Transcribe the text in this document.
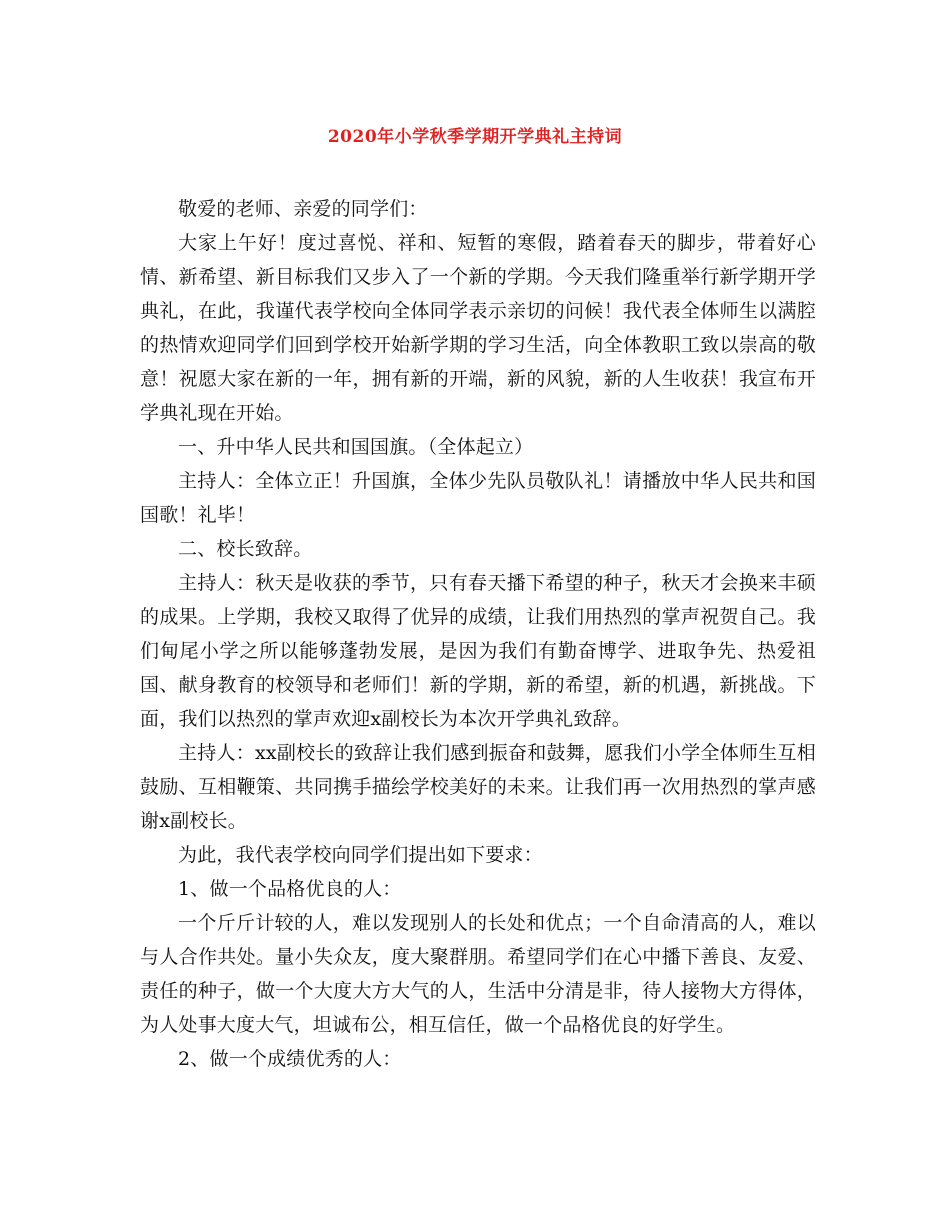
2020年小学秋季学期开学典礼主持词

敬爱的老师、亲爱的同学们：

大家上午好！度过喜悦、祥和、短暂的寒假，踏着春天的脚步，带着好心情、新希望、新目标我们又步入了一个新的学期。今天我们隆重举行新学期开学典礼，在此，我谨代表学校向全体同学表示亲切的问候！我代表全体师生以满腔的热情欢迎同学们回到学校开始新学期的学习生活，向全体教职工致以崇高的敬意！祝愿大家在新的一年，拥有新的开端，新的风貌，新的人生收获！我宣布开学典礼现在开始。

一、升中华人民共和国国旗。（全体起立）

主持人：全体立正！升国旗，全体少先队员敬队礼！请播放中华人民共和国国歌！礼毕！

二、校长致辞。

主持人：秋天是收获的季节，只有春天播下希望的种子，秋天才会换来丰硕的成果。上学期，我校又取得了优异的成绩，让我们用热烈的掌声祝贺自己。我们甸尾小学之所以能够蓬勃发展，是因为我们有勤奋博学、进取争先、热爱祖国、献身教育的校领导和老师们！新的学期，新的希望，新的机遇，新挑战。下面，我们以热烈的掌声欢迎x副校长为本次开学典礼致辞。

主持人：xx副校长的致辞让我们感到振奋和鼓舞，愿我们小学全体师生互相鼓励、互相鞭策、共同携手描绘学校美好的未来。让我们再一次用热烈的掌声感谢x副校长。

为此，我代表学校向同学们提出如下要求：

1、做一个品格优良的人：

一个斤斤计较的人，难以发现别人的长处和优点；一个自命清高的人，难以与人合作共处。量小失众友，度大聚群朋。希望同学们在心中播下善良、友爱、责任的种子，做一个大度大方大气的人，生活中分清是非，待人接物大方得体，为人处事大度大气，坦诚布公，相互信任，做一个品格优良的好学生。

2、做一个成绩优秀的人：
